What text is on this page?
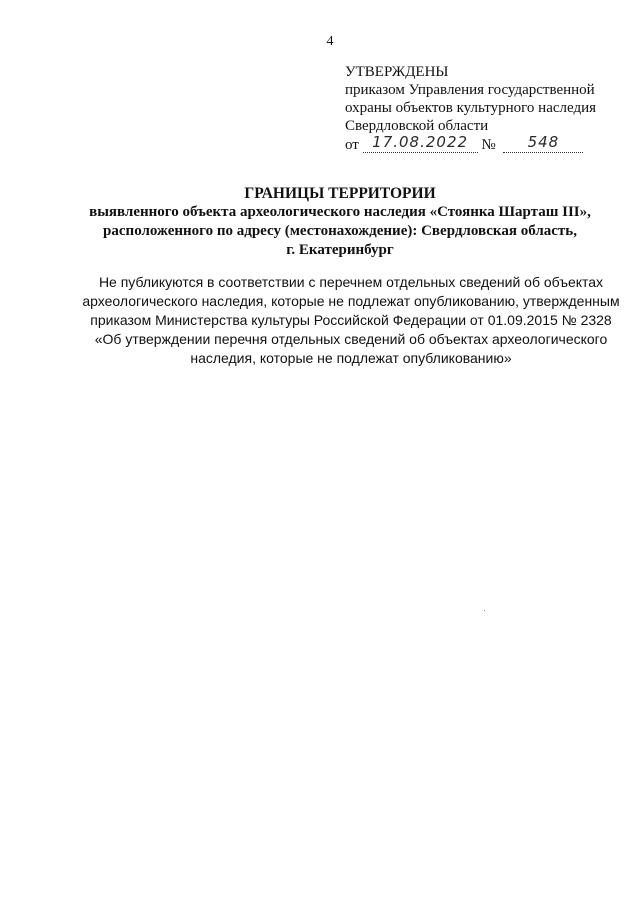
4
УТВЕРЖДЕНЫ
приказом Управления государственной
охраны объектов культурного наследия
Свердловской области
от 17.08.2022 № 548
ГРАНИЦЫ ТЕРРИТОРИИ
выявленного объекта археологического наследия «Стоянка Шарташ III»,
расположенного по адресу (местонахождение): Свердловская область,
г. Екатеринбург
Не публикуются в соответствии с перечнем отдельных сведений об объектах
археологического наследия, которые не подлежат опубликованию, утвержденным
приказом Министерства культуры Российской Федерации от 01.09.2015 № 2328
«Об утверждении перечня отдельных сведений об объектах археологического
наследия, которые не подлежат опубликованию»
